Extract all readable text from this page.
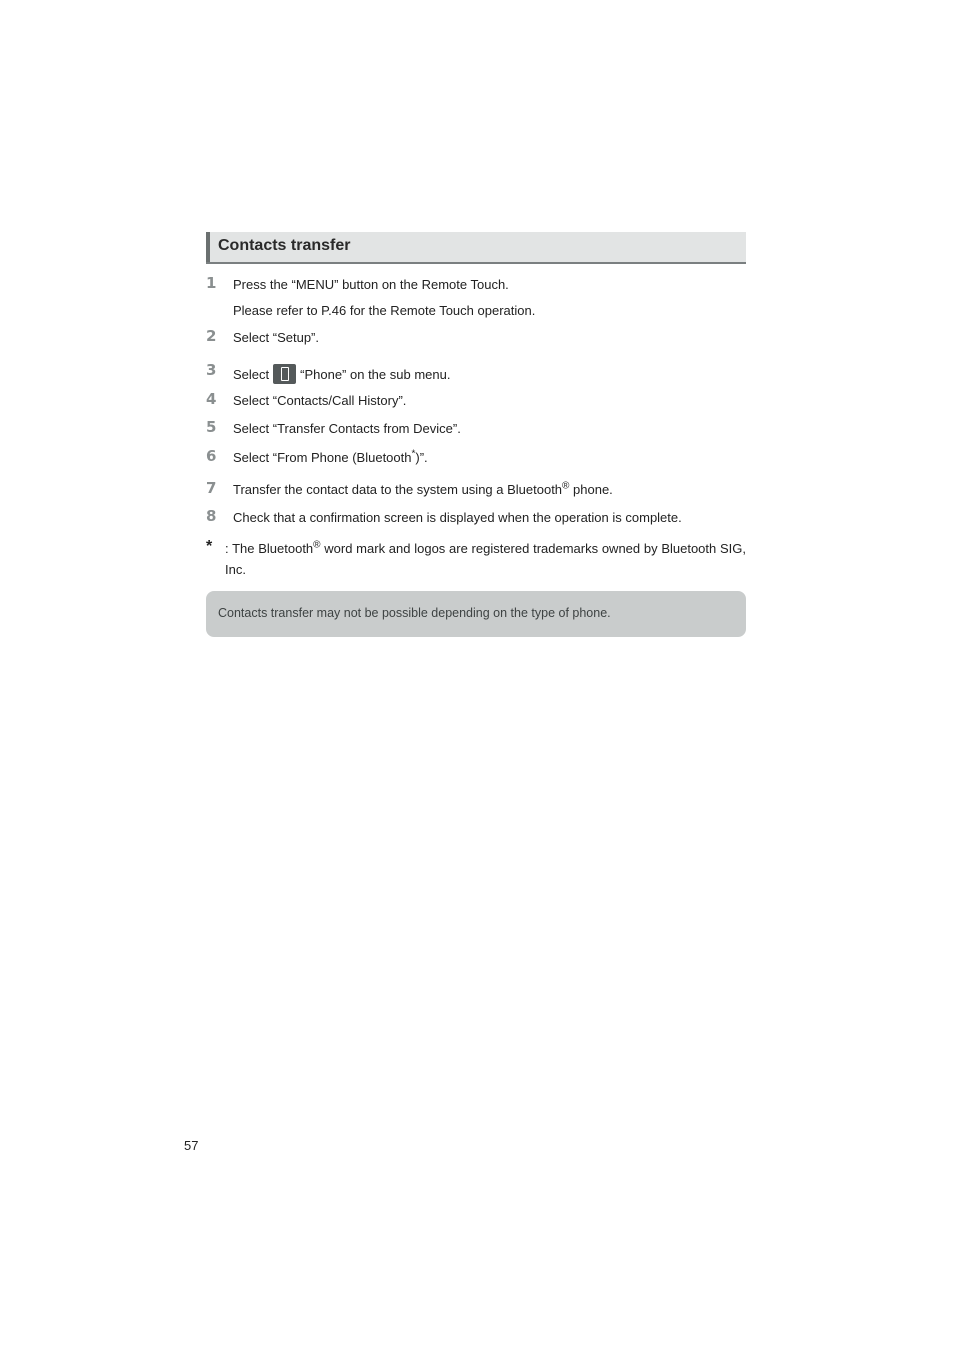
Contacts transfer
1 Press the “MENU” button on the Remote Touch.
Please refer to P.46 for the Remote Touch operation.
2 Select “Setup”.
3 Select “Phone” on the sub menu.
4 Select “Contacts/Call History”.
5 Select “Transfer Contacts from Device”.
6 Select “From Phone (Bluetooth*)”.
7 Transfer the contact data to the system using a Bluetooth® phone.
8 Check that a confirmation screen is displayed when the operation is complete.
* : The Bluetooth® word mark and logos are registered trademarks owned by Bluetooth SIG, Inc.
Contacts transfer may not be possible depending on the type of phone.
57
